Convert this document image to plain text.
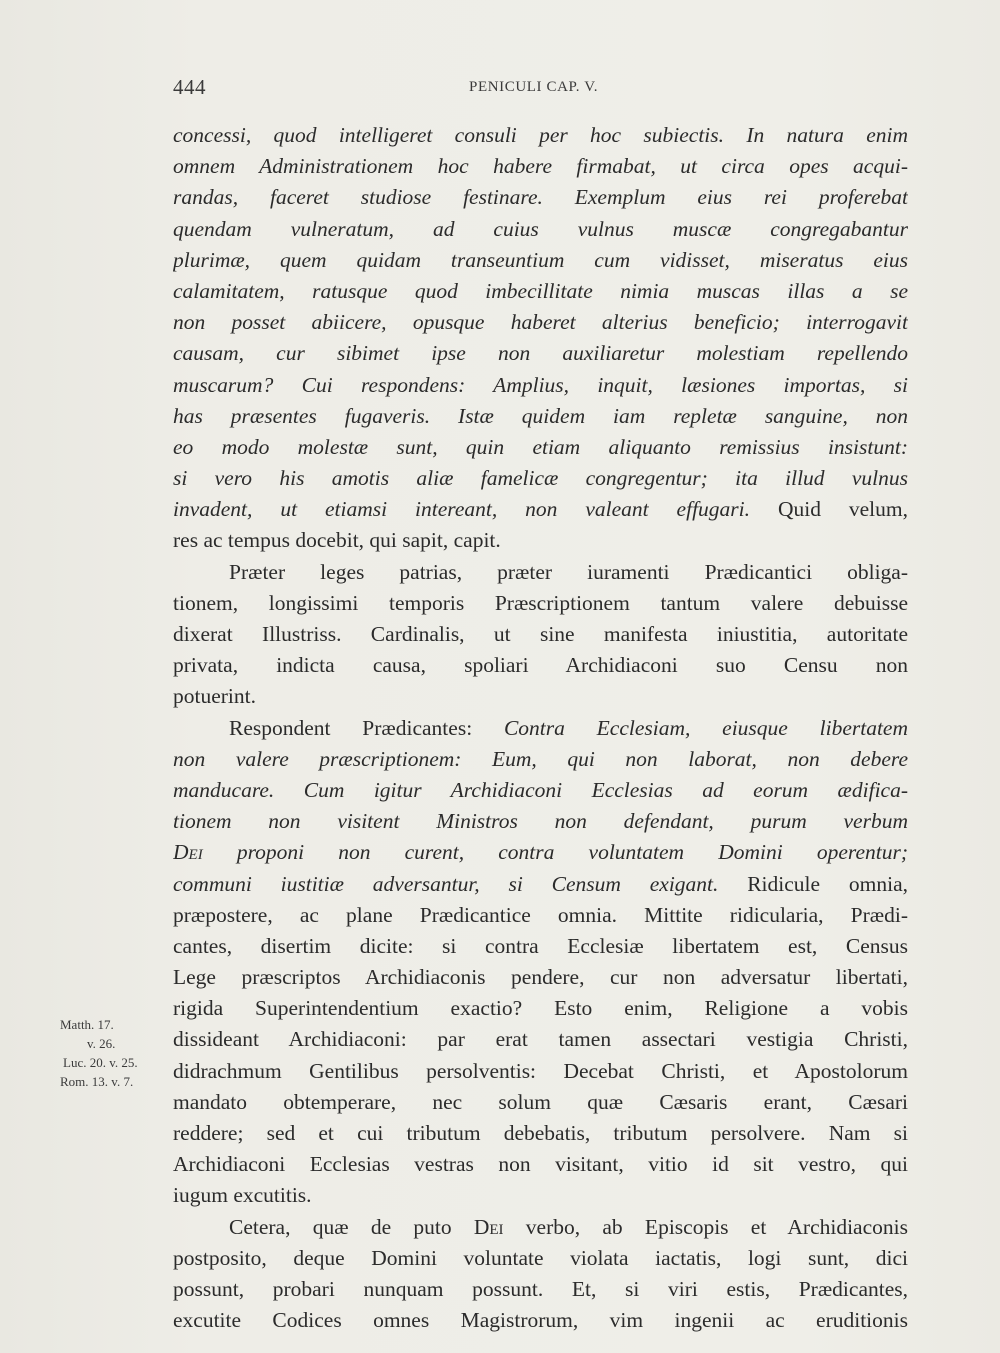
444	PENICULI CAP. V.
concessi, quod intelligeret consuli per hoc subiectis. In natura enim
omnem Administrationem hoc habere firmabat, ut circa opes acqui-
randas, faceret studiose festinare. Exemplum eius rei proferebat
quendam vulneratum, ad cuius vulnus muscæ congregabantur
plurimæ, quem quidam transeuntium cum vidisset, miseratus eius
calamitatem, ratusque quod imbecillitate nimia muscas illas a se
non posset abiicere, opusque haberet alterius beneficio; interrogavit
causam, cur sibimet ipse non auxiliaretur molestiam repellendo
muscarum? Cui respondens: Amplius, inquit, læsiones importas, si
has præsentes fugaveris. Istæ quidem iam repletæ sanguine, non
eo modo molestæ sunt, quin etiam aliquanto remissius insistunt:
si vero his amotis aliæ famelicæ congregentur; ita illud vulnus
invadent, ut etiamsi intereant, non valeant effugari. Quid velum,
res ac tempus docebit, qui sapit, capit.
Præter leges patrias, præter iuramenti Prædicantici obliga-
tionem, longissimi temporis Præscriptionem tantum valere debuisse
dixerat Illustriss. Cardinalis, ut sine manifesta iniustitia, autoritate
privata, indicta causa, spoliari Archidiaconi suo Censu non
potuerint.
Respondent Prædicantes: Contra Ecclesiam, eiusque libertatem
non valere præscriptionem: Eum, qui non laborat, non debere
manducare. Cum igitur Archidiaconi Ecclesias ad eorum ædifica-
tionem non visitent Ministros non defendant, purum verbum
Dei proponi non curent, contra voluntatem Domini operentur;
communi iustitiæ adversantur, si Censum exigant. Ridicule omnia,
præpostere, ac plane Prædicantice omnia. Mittite ridicularia, Prædi-
cantes, disertim dicite: si contra Ecclesiæ libertatem est, Census
Lege præscriptos Archidiaconis pendere, cur non adversatur libertati,
rigida Superintendentium exactio? Esto enim, Religione a vobis
dissideant Archidiaconi: par erat tamen assectari vestigia Christi,
didrachmum Gentilibus persolventis: Decebat Christi, et Apostolorum
mandato obtemperare, nec solum quæ Cæsaris erant, Cæsari
reddere; sed et cui tributum debebatis, tributum persolvere. Nam si
Archidiaconi Ecclesias vestras non visitant, vitio id sit vestro, qui
iugum excutitis.
Cetera, quæ de puto Dei verbo, ab Episcopis et Archidiaconis
postposito, deque Domini voluntate violata iactatis, logi sunt, dici
possunt, probari nunquam possunt. Et, si viri estis, Prædicantes,
excutite Codices omnes Magistrorum, vim ingenii ac eruditionis
Matth. 17.
v. 26.
Luc. 20. v. 25.
Rom. 13. v. 7.
